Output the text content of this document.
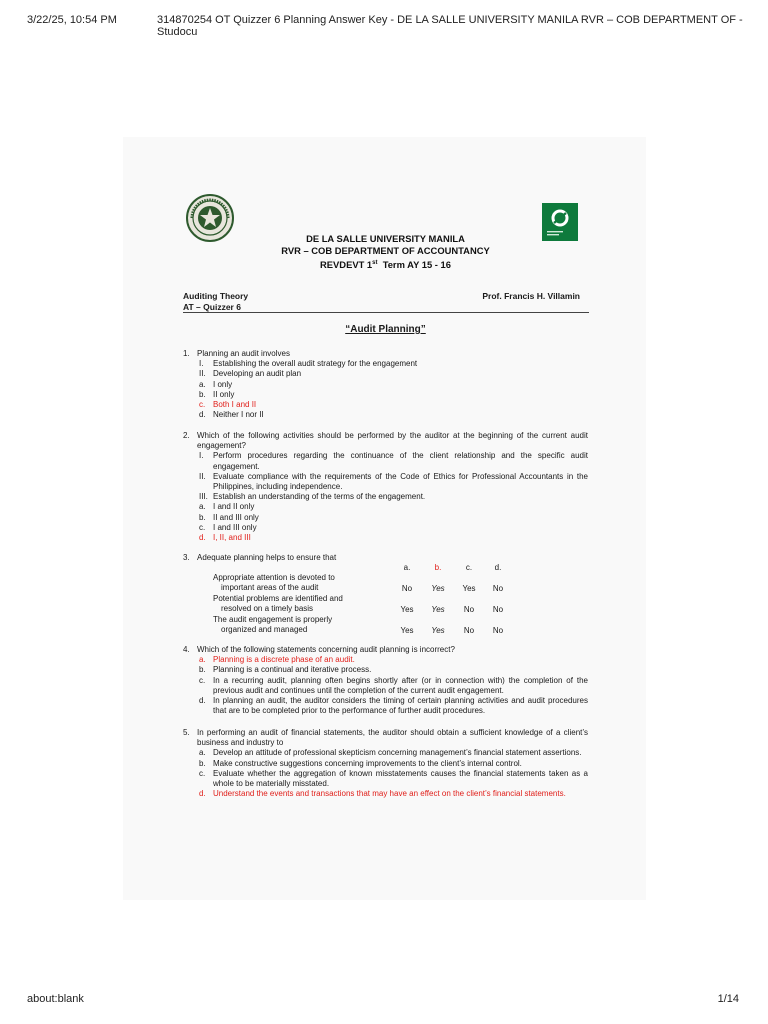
3/22/25, 10:54 PM	314870254 OT Quizzer 6 Planning Answer Key - DE LA SALLE UNIVERSITY MANILA RVR – COB DEPARTMENT OF - Studocu
DE LA SALLE UNIVERSITY MANILA
RVR – COB DEPARTMENT OF ACCOUNTANCY
REVDEVT 1st  Term AY 15 - 16
Auditing Theory
AT – Quizzer 6
Prof. Francis H. Villamin
“Audit Planning”
1. Planning an audit involves
I. Establishing the overall audit strategy for the engagement
II. Developing an audit plan
a. I only
b. II only
c. Both I and II
d. Neither I nor II
2. Which of the following activities should be performed by the auditor at the beginning of the current audit engagement?
I. Perform procedures regarding the continuance of the client relationship and the specific audit engagement.
II. Evaluate compliance with the requirements of the Code of Ethics for Professional Accountants in the Philippines, including independence.
III. Establish an understanding of the terms of the engagement.
a. I and II only
b. II and III only
c. I and III only
d. I, II, and III
3. Adequate planning helps to ensure that
a.	b.	c.	d.
Appropriate attention is devoted to
important areas of the audit	No	Yes	Yes	No
Potential problems are identified and
resolved on a timely basis	Yes	Yes	No	No
The audit engagement is properly
organized and managed	Yes	Yes	No	No
4. Which of the following statements concerning audit planning is incorrect?
a. Planning is a discrete phase of an audit.
b. Planning is a continual and iterative process.
c. In a recurring audit, planning often begins shortly after (or in connection with) the completion of the previous audit and continues until the completion of the current audit engagement.
d. In planning an audit, the auditor considers the timing of certain planning activities and audit procedures that are to be completed prior to the performance of further audit procedures.
5. In performing an audit of financial statements, the auditor should obtain a sufficient knowledge of a client’s business and industry to
a. Develop an attitude of professional skepticism concerning management’s financial statement assertions.
b. Make constructive suggestions concerning improvements to the client’s internal control.
c. Evaluate whether the aggregation of known misstatements causes the financial statements taken as a whole to be materially misstated.
d. Understand the events and transactions that may have an effect on the client’s financial statements.
about:blank	1/14
